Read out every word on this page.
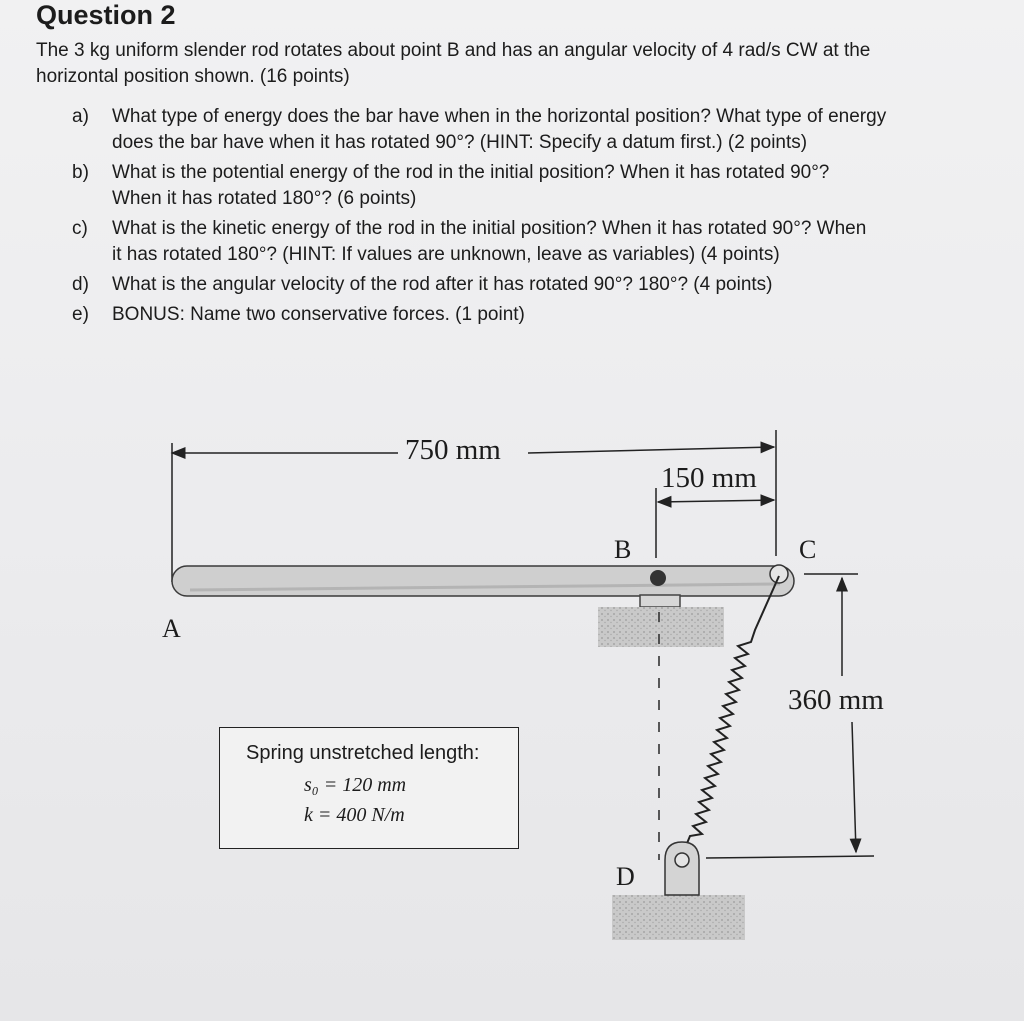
Question 2
The 3 kg uniform slender rod rotates about point B and has an angular velocity of 4 rad/s CW at the
horizontal position shown. (16 points)
a) What type of energy does the bar have when in the horizontal position? What type of energy
does the bar have when it has rotated 90°? (HINT: Specify a datum first.) (2 points)
b) What is the potential energy of the rod in the initial position? When it has rotated 90°?
When it has rotated 180°? (6 points)
c) What is the kinetic energy of the rod in the initial position? When it has rotated 90°? When
it has rotated 180°? (HINT: If values are unknown, leave as variables) (4 points)
d) What is the angular velocity of the rod after it has rotated 90°? 180°? (4 points)
e) BONUS: Name two conservative forces. (1 point)
750 mm
150 mm
360 mm
A
B	C
D
Spring unstretched length:
s₀ = 120 mm
k = 400 N/m
